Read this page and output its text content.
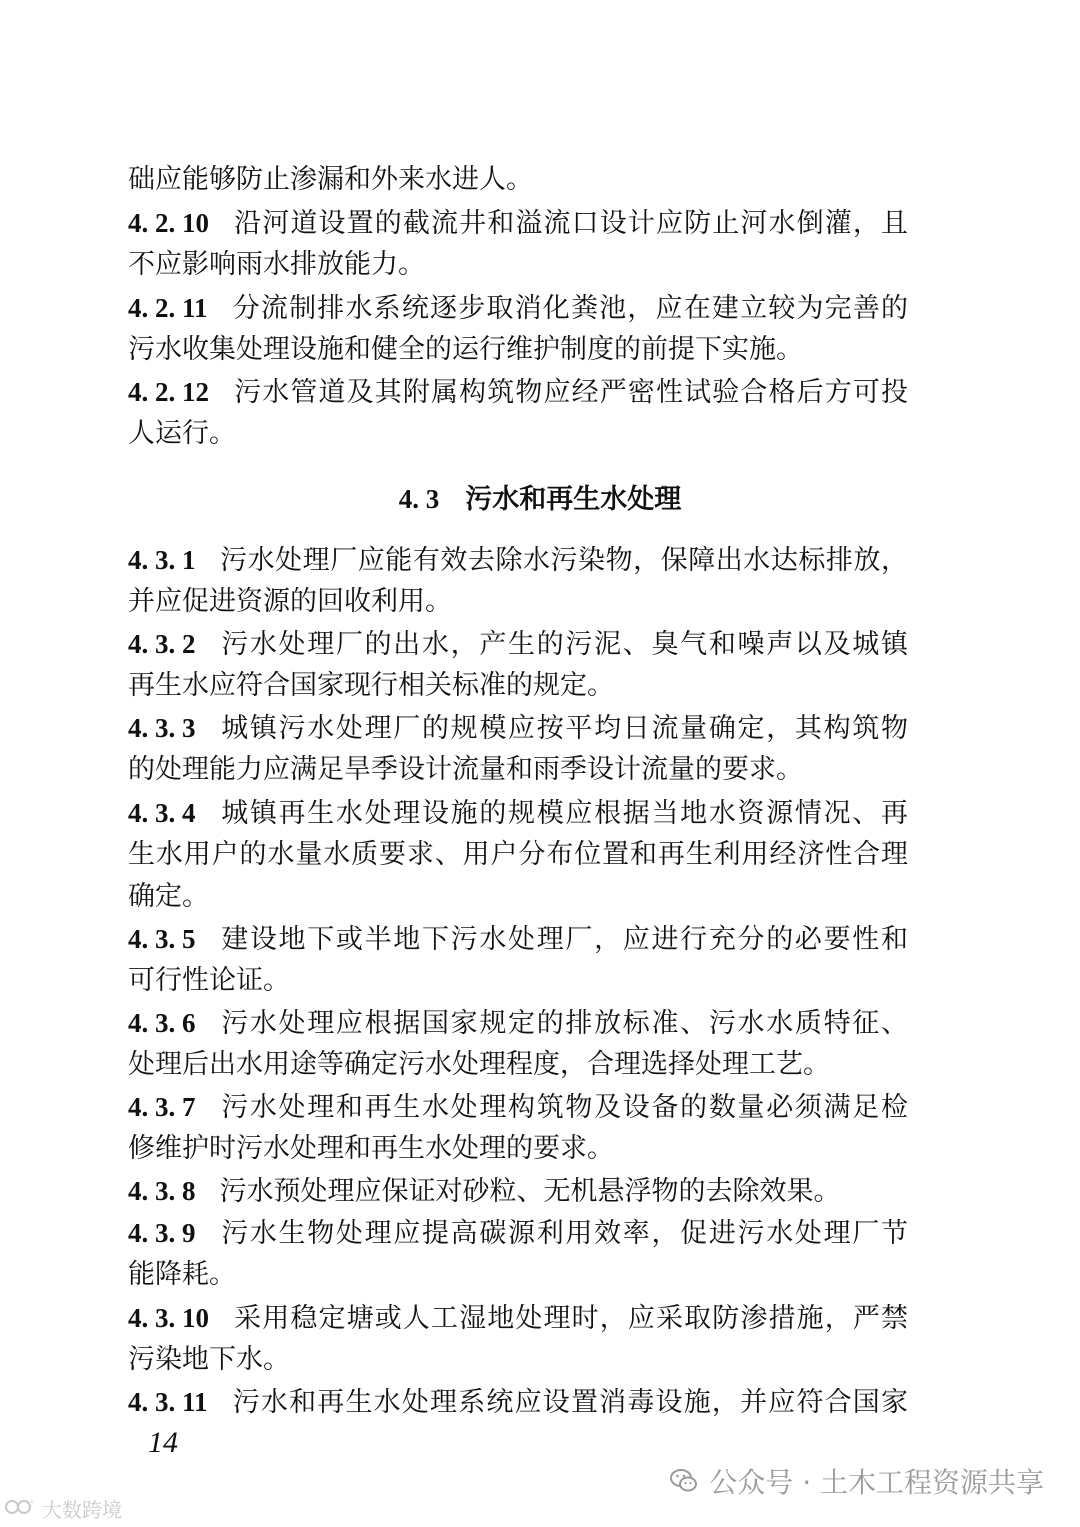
础应能够防止渗漏和外来水进人。
4. 2. 10 沿河道设置的截流井和溢流口设计应防止河水倒灌，且
不应影响雨水排放能力。
4. 2. 11 分流制排水系统逐步取消化粪池，应在建立较为完善的
污水收集处理设施和健全的运行维护制度的前提下实施。
4. 2. 12 污水管道及其附属构筑物应经严密性试验合格后方可投
人运行。
4. 3 污水和再生水处理
4. 3. 1 污水处理厂应能有效去除水污染物，保障出水达标排放，
并应促进资源的回收利用。
4. 3. 2 污水处理厂的出水，产生的污泥、臭气和噪声以及城镇
再生水应符合国家现行相关标准的规定。
4. 3. 3 城镇污水处理厂的规模应按平均日流量确定，其构筑物
的处理能力应满足旱季设计流量和雨季设计流量的要求。
4. 3. 4 城镇再生水处理设施的规模应根据当地水资源情况、再
生水用户的水量水质要求、用户分布位置和再生利用经济性合理
确定。
4. 3. 5 建设地下或半地下污水处理厂，应进行充分的必要性和
可行性论证。
4. 3. 6 污水处理应根据国家规定的排放标准、污水水质特征、
处理后出水用途等确定污水处理程度，合理选择处理工艺。
4. 3. 7 污水处理和再生水处理构筑物及设备的数量必须满足检
修维护时污水处理和再生水处理的要求。
4. 3. 8 污水预处理应保证对砂粒、无机悬浮物的去除效果。
4. 3. 9 污水生物处理应提高碳源利用效率，促进污水处理厂节
能降耗。
4. 3. 10 采用稳定塘或人工湿地处理时，应采取防渗措施，严禁
污染地下水。
4. 3. 11 污水和再生水处理系统应设置消毒设施，并应符合国家
14
° 大数跨境
公众号 · 土木工程资源共享
